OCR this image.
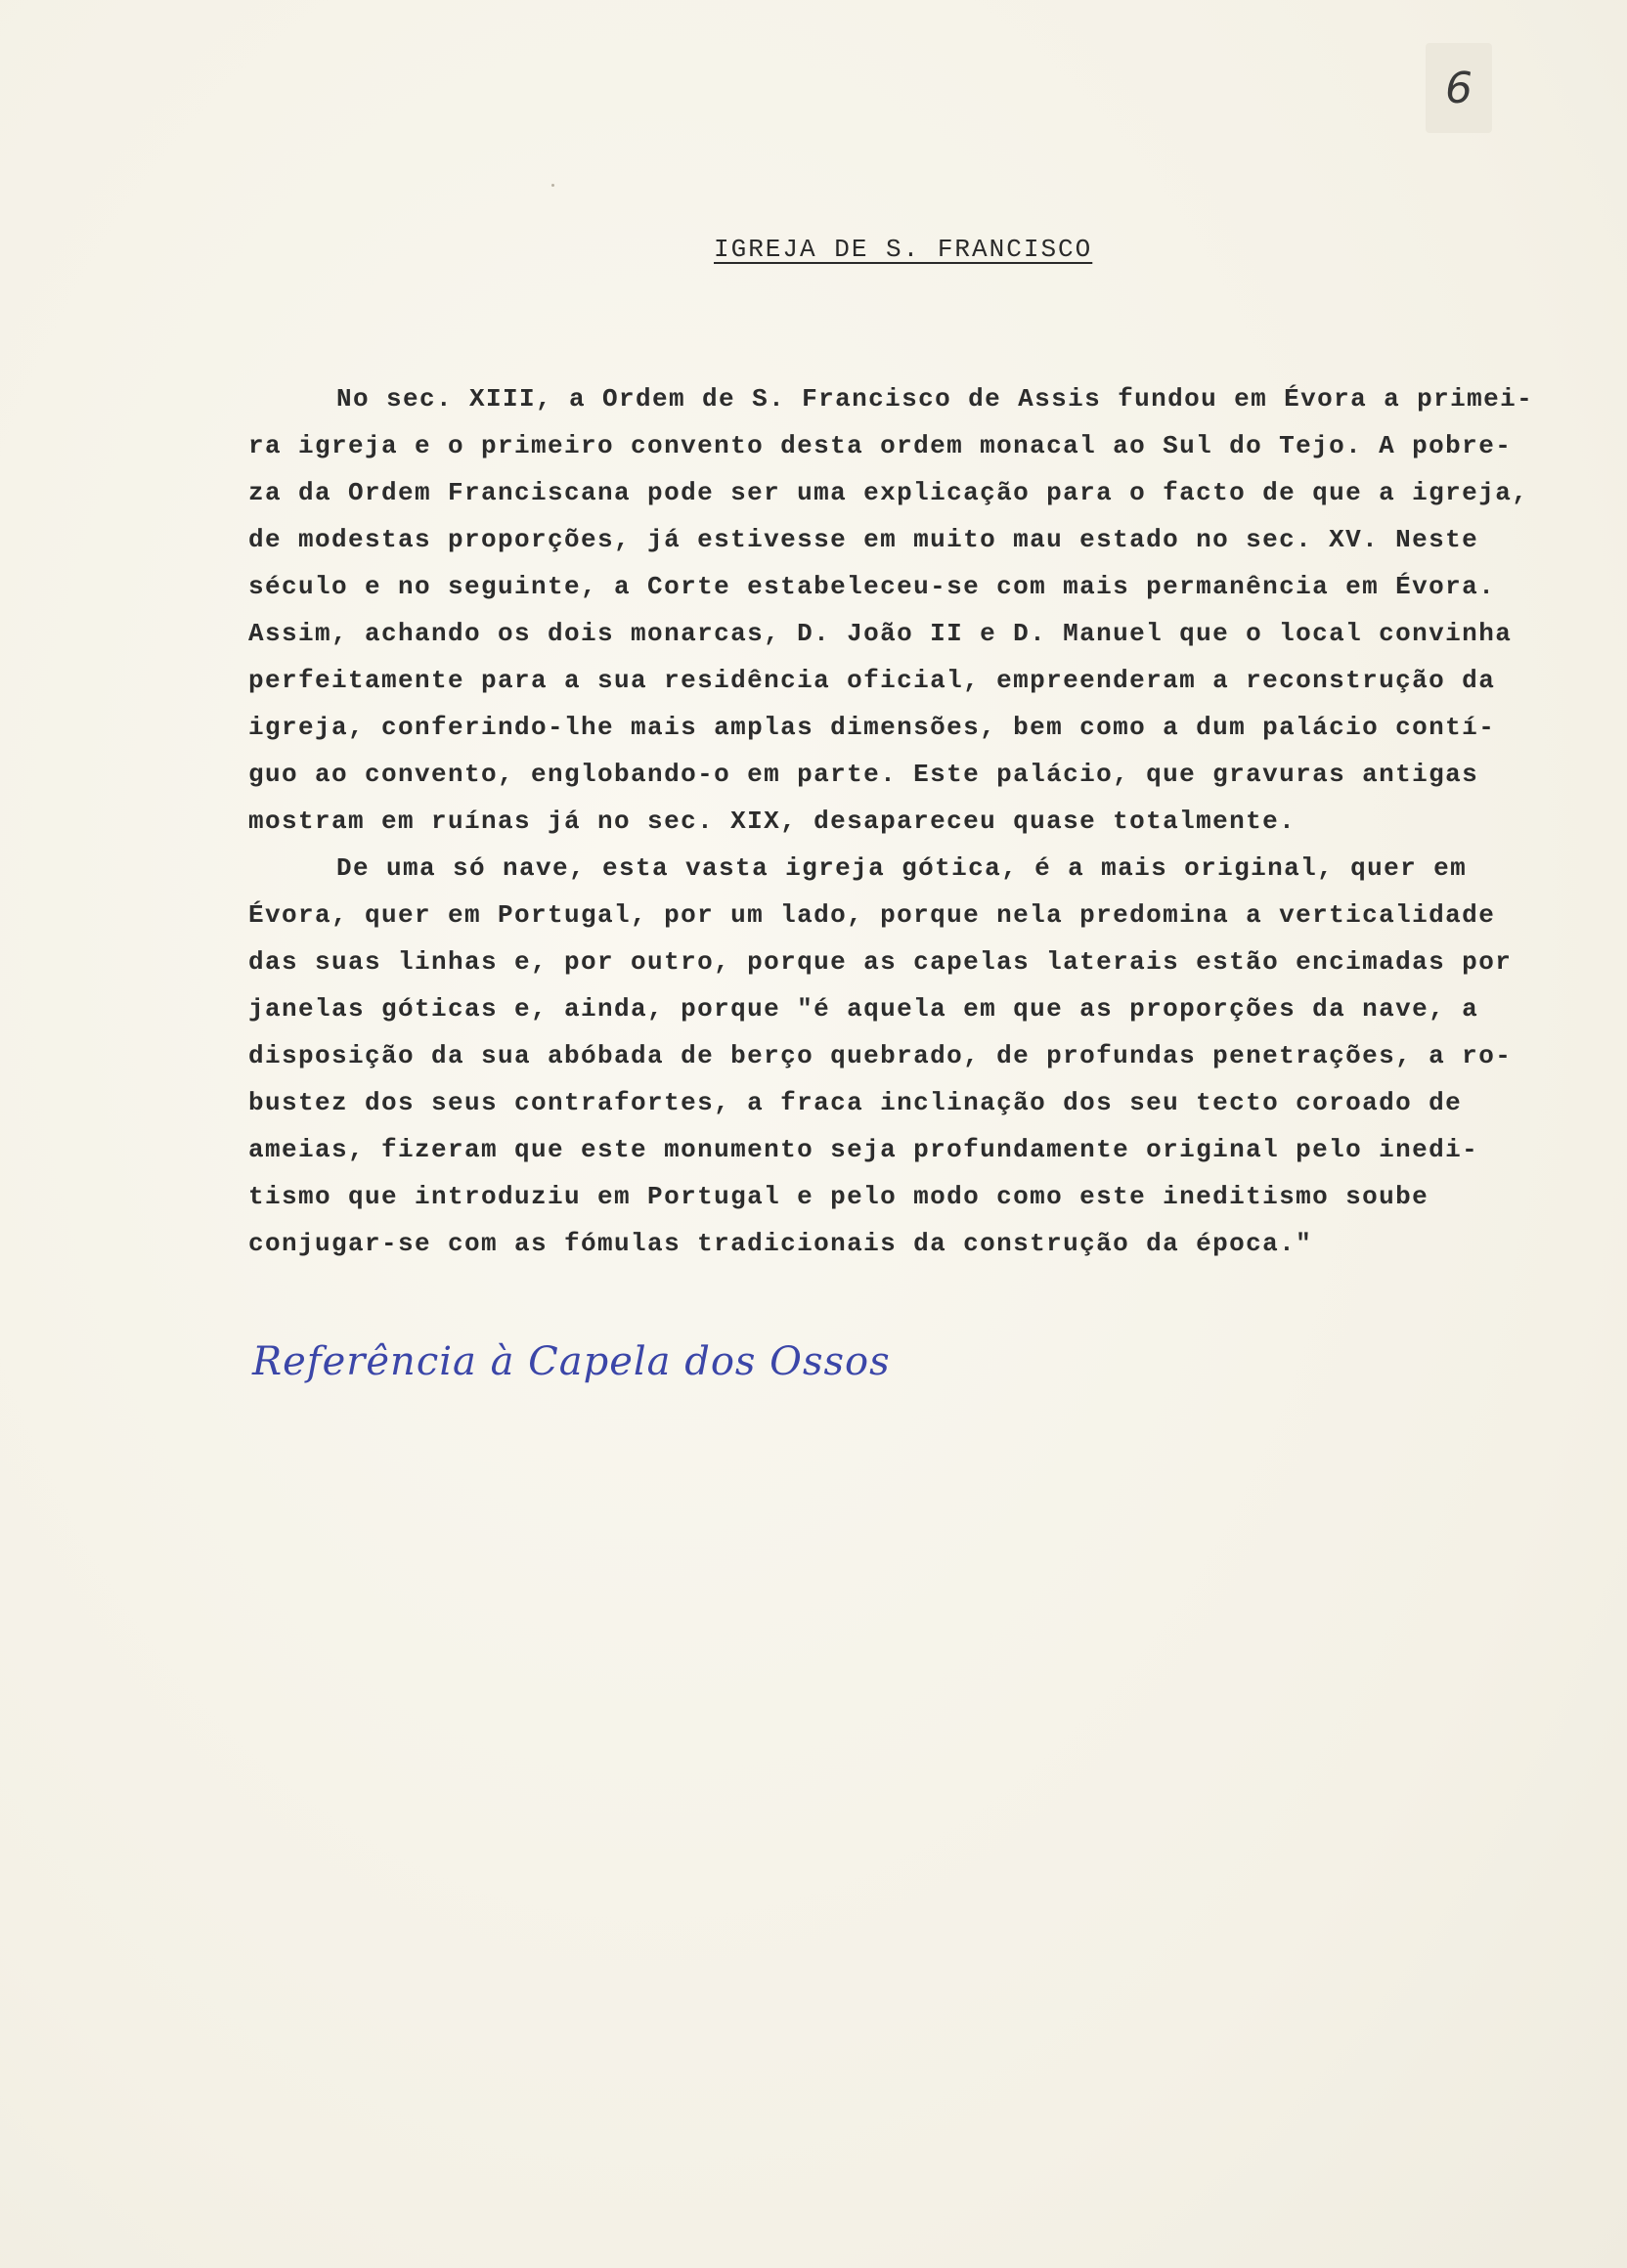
6
IGREJA DE S. FRANCISCO
No sec. XIII, a Ordem de S. Francisco de Assis fundou em Évora a primei-
ra igreja e o primeiro convento desta ordem monacal ao Sul do Tejo. A pobre-
za da Ordem Franciscana pode ser uma explicação para o facto de que a igreja,
de modestas proporções, já estivesse em muito mau estado no sec. XV. Neste
século e no seguinte, a Corte estabeleceu-se com mais permanência em Évora.
Assim, achando os dois monarcas, D. João II e D. Manuel que o local convinha
perfeitamente para a sua residência oficial, empreenderam a reconstrução da
igreja, conferindo-lhe mais amplas dimensões, bem como a dum palácio contí-
guo ao convento, englobando-o em parte. Este palácio, que gravuras antigas
mostram em ruínas já no sec. XIX, desapareceu quase totalmente.
De uma só nave, esta vasta igreja gótica, é a mais original, quer em
Évora, quer em Portugal, por um lado, porque nela predomina a verticalidade
das suas linhas e, por outro, porque as capelas laterais estão encimadas por
janelas góticas e, ainda, porque "é aquela em que as proporções da nave, a
disposição da sua abóbada de berço quebrado, de profundas penetrações, a ro-
bustez dos seus contrafortes, a fraca inclinação dos seu tecto coroado de
ameias, fizeram que este monumento seja profundamente original pelo inedi-
tismo que introduziu em Portugal e pelo modo como este ineditismo soube
conjugar-se com as fómulas tradicionais da construção da época."
Referência à Capela dos Ossos
